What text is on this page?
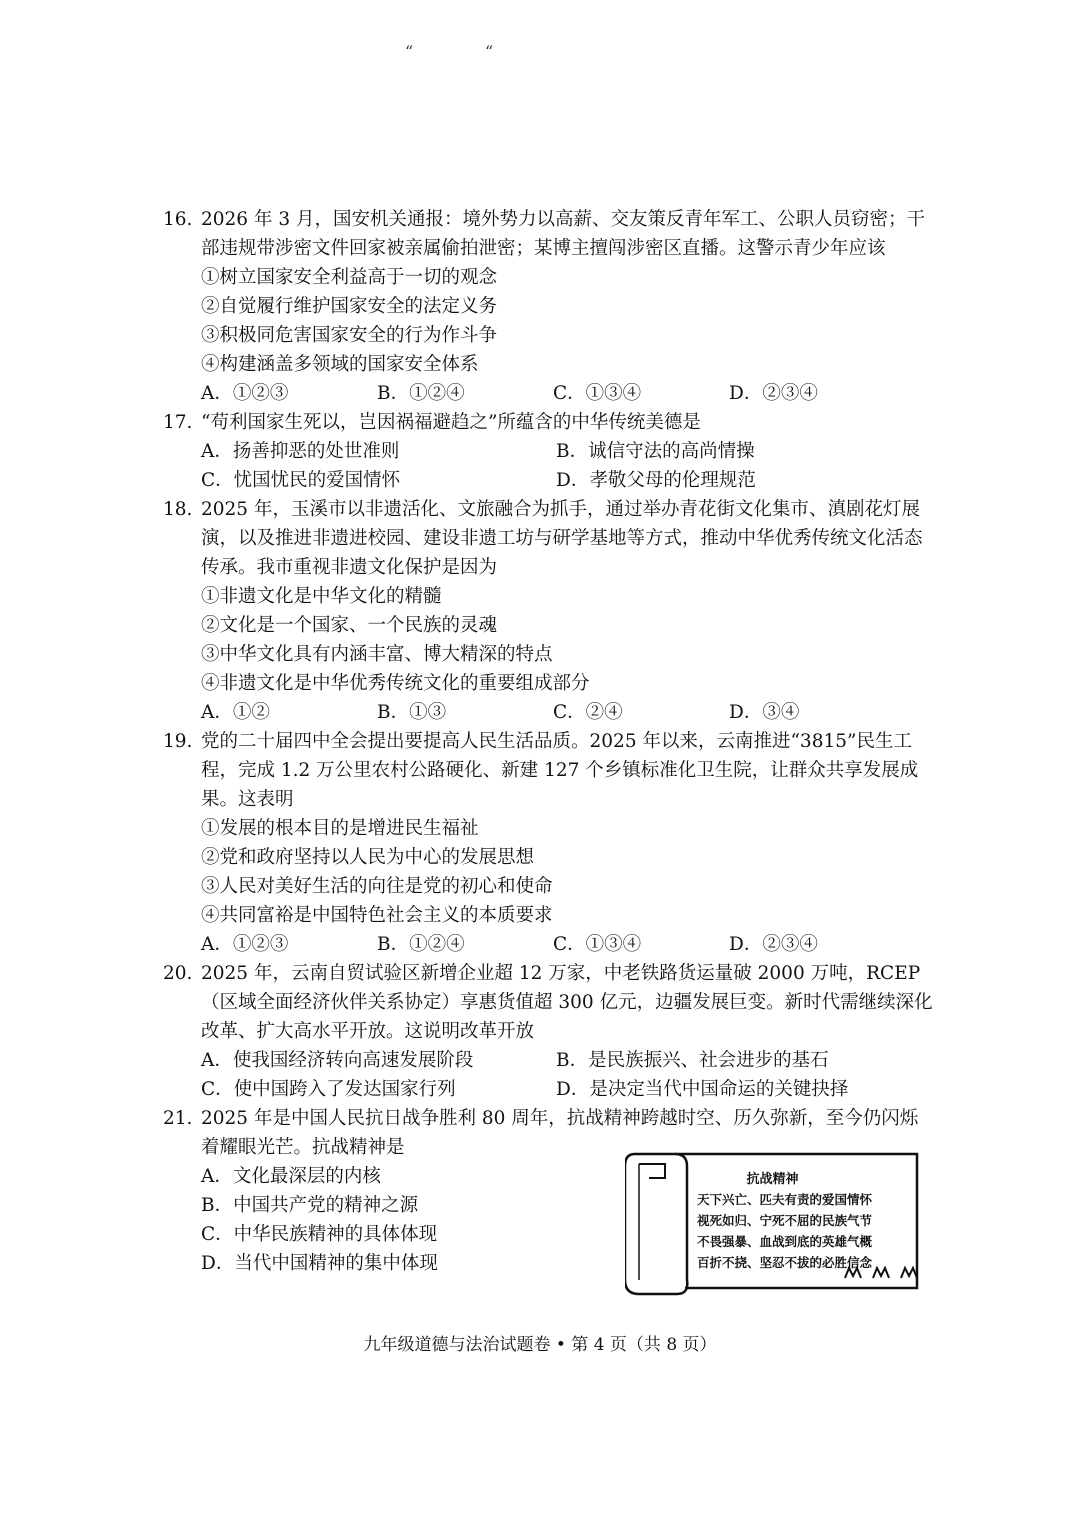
“	“
16. 2026 年 3 月，国安机关通报：境外势力以高薪、交友策反青年军工、公职人员窃密；干部违规带涉密文件回家被亲属偷拍泄密；某博主擅闯涉密区直播。这警示青少年应该
①树立国家安全利益高于一切的观念
②自觉履行维护国家安全的法定义务
③积极同危害国家安全的行为作斗争
④构建涵盖多领域的国家安全体系
A．①②③	B．①②④	C．①③④	D．②③④
17. “苟利国家生死以，岂因祸福避趋之”所蕴含的中华传统美德是
A．扬善抑恶的处世准则	B．诚信守法的高尚情操
C．忧国忧民的爱国情怀	D．孝敬父母的伦理规范
18. 2025 年，玉溪市以非遗活化、文旅融合为抓手，通过举办青花街文化集市、滇剧花灯展演，以及推进非遗进校园、建设非遗工坊与研学基地等方式，推动中华优秀传统文化活态传承。我市重视非遗文化保护是因为
①非遗文化是中华文化的精髓
②文化是一个国家、一个民族的灵魂
③中华文化具有内涵丰富、博大精深的特点
④非遗文化是中华优秀传统文化的重要组成部分
A．①②	B．①③	C．②④	D．③④
19. 党的二十届四中全会提出要提高人民生活品质。2025 年以来，云南推进“3815”民生工程，完成 1.2 万公里农村公路硬化、新建 127 个乡镇标准化卫生院，让群众共享发展成果。这表明
①发展的根本目的是增进民生福祉
②党和政府坚持以人民为中心的发展思想
③人民对美好生活的向往是党的初心和使命
④共同富裕是中国特色社会主义的本质要求
A．①②③	B．①②④	C．①③④	D．②③④
20. 2025 年，云南自贸试验区新增企业超 12 万家，中老铁路货运量破 2000 万吨，RCEP（区域全面经济伙伴关系协定）享惠货值超 300 亿元，边疆发展巨变。新时代需继续深化改革、扩大高水平开放。这说明改革开放
A．使我国经济转向高速发展阶段	B．是民族振兴、社会进步的基石
C．使中国跨入了发达国家行列	D．是决定当代中国命运的关键抉择
21. 2025 年是中国人民抗日战争胜利 80 周年，抗战精神跨越时空、历久弥新，至今仍闪烁着耀眼光芒。抗战精神是
A．文化最深层的内核
B．中国共产党的精神之源
C．中华民族精神的具体体现
D．当代中国精神的集中体现
抗战精神
天下兴亡、匹夫有责的爱国情怀
视死如归、宁死不屈的民族气节
不畏强暴、血战到底的英雄气概
百折不挠、坚忍不拔的必胜信念
九年级道德与法治试题卷 • 第 4 页（共 8 页）
